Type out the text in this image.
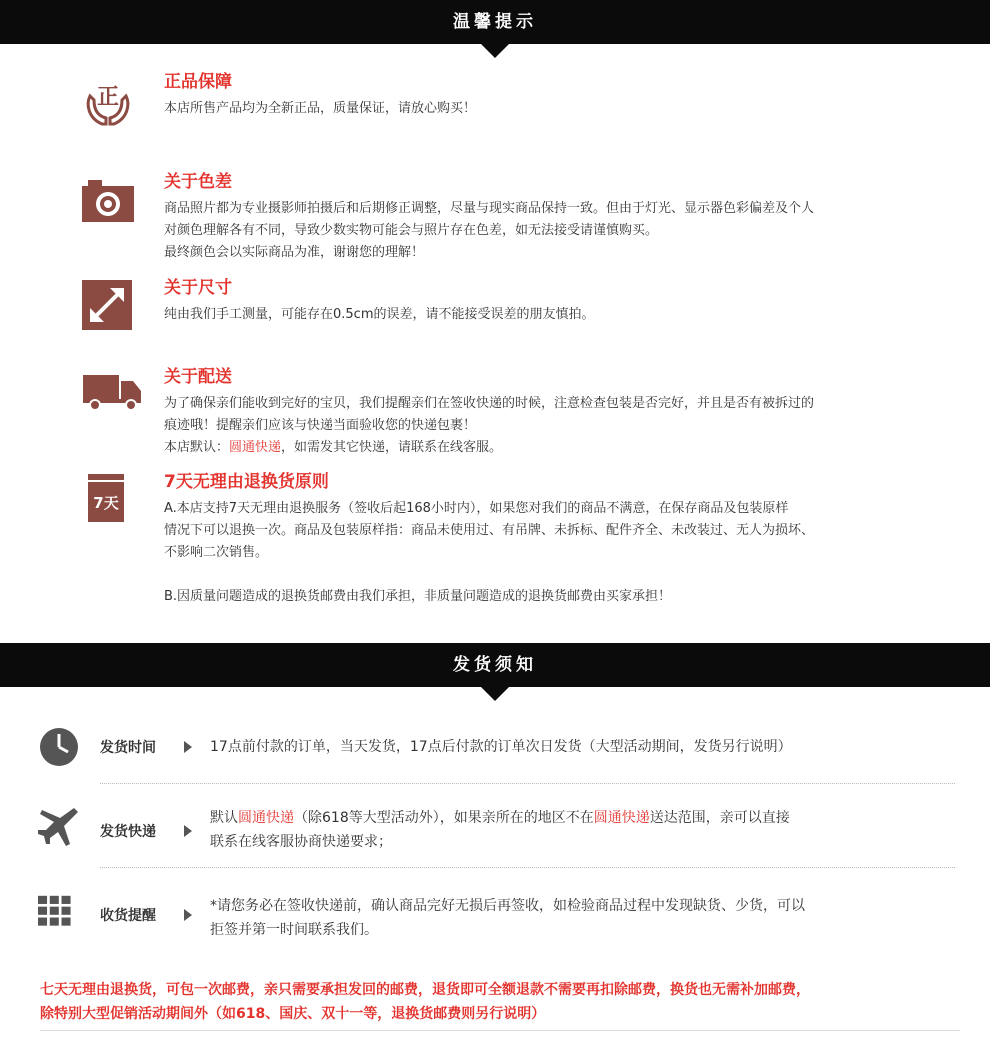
温馨提示
正
正品保障
本店所售产品均为全新正品，质量保证，请放心购买！
关于色差
商品照片都为专业摄影师拍摄后和后期修正调整，尽量与现实商品保持一致。但由于灯光、显示器色彩偏差及个人
对颜色理解各有不同，导致少数实物可能会与照片存在色差，如无法接受请谨慎购买。
最终颜色会以实际商品为准，谢谢您的理解！
关于尺寸
纯由我们手工测量，可能存在0.5cm的误差，请不能接受误差的朋友慎拍。
关于配送
为了确保亲们能收到完好的宝贝，我们提醒亲们在签收快递的时候，注意检查包装是否完好，并且是否有被拆过的
痕迹哦！提醒亲们应该与快递当面验收您的快递包裹！
本店默认：圆通快递，如需发其它快递，请联系在线客服。
7天
7天无理由退换货原则
A.本店支持7天无理由退换服务（签收后起168小时内），如果您对我们的商品不满意，在保存商品及包装原样
情况下可以退换一次。商品及包装原样指：商品未使用过、有吊牌、未拆标、配件齐全、未改装过、无人为损坏、
不影响二次销售。
B.因质量问题造成的退换货邮费由我们承担，非质量问题造成的退换货邮费由买家承担！
发货须知
发货时间	17点前付款的订单，当天发货，17点后付款的订单次日发货（大型活动期间，发货另行说明）
发货快递
默认圆通快递（除618等大型活动外），如果亲所在的地区不在圆通快递送达范围，亲可以直接
联系在线客服协商快递要求；
收货提醒
*请您务必在签收快递前，确认商品完好无损后再签收，如检验商品过程中发现缺货、少货，可以
拒签并第一时间联系我们。
七天无理由退换货，可包一次邮费，亲只需要承担发回的邮费，退货即可全额退款不需要再扣除邮费，换货也无需补加邮费，
除特别大型促销活动期间外（如618、国庆、双十一等，退换货邮费则另行说明）
